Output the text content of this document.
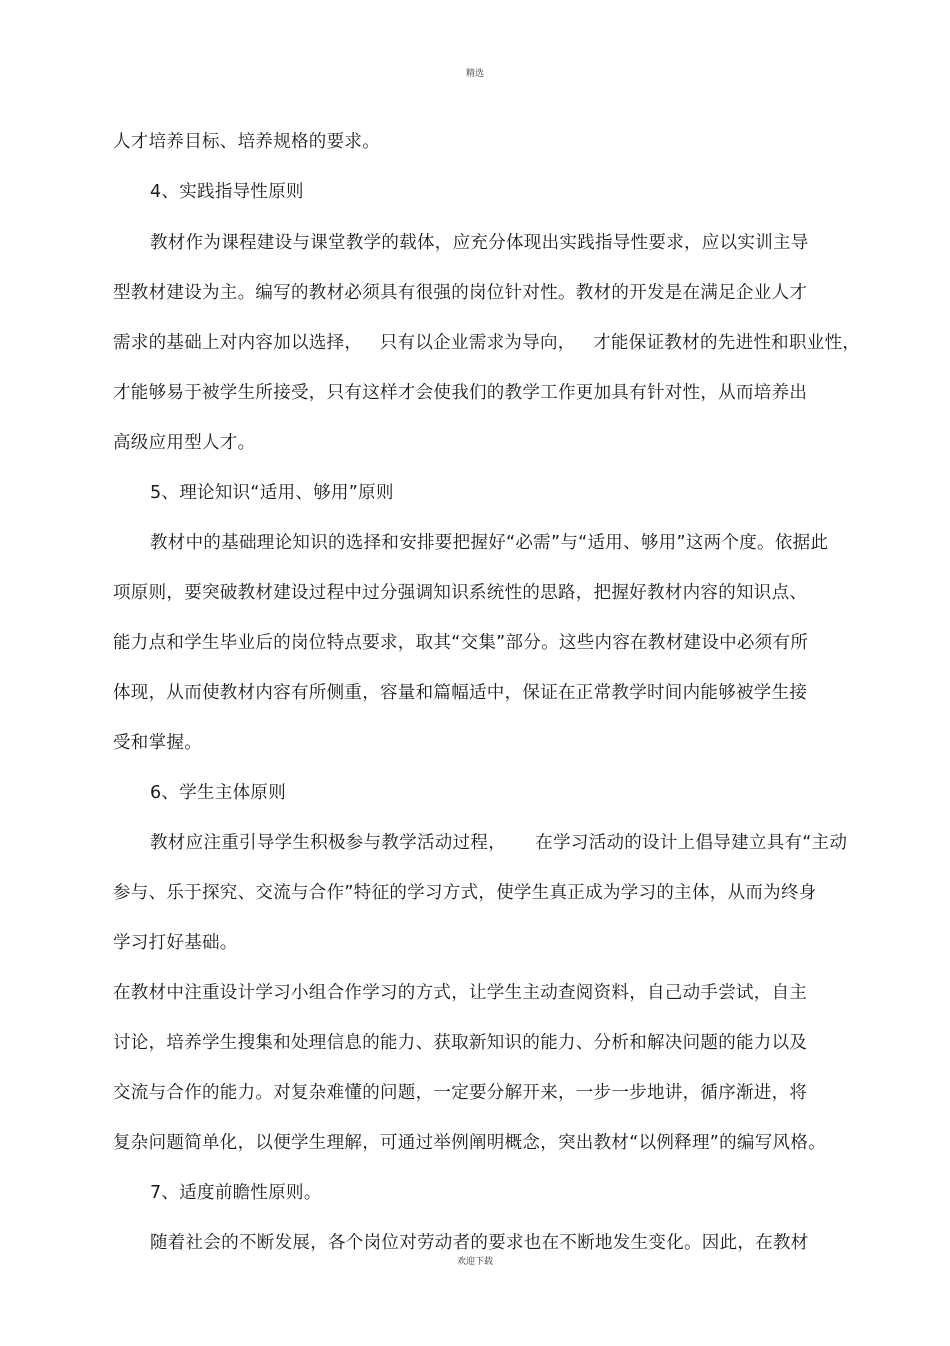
精选
人才培养目标、培养规格的要求。
4、实践指导性原则
教材作为课程建设与课堂教学的载体，应充分体现出实践指导性要求，应以实训主导
型教材建设为主。编写的教材必须具有很强的岗位针对性。教材的开发是在满足企业人才
需求的基础上对内容加以选择，   只有以企业需求为导向，   才能保证教材的先进性和职业性，
才能够易于被学生所接受，只有这样才会使我们的教学工作更加具有针对性，从而培养出
高级应用型人才。
5、理论知识“适用、够用”原则
教材中的基础理论知识的选择和安排要把握好“必需”与“适用、够用”这两个度。依据此
项原则，要突破教材建设过程中过分强调知识系统性的思路，把握好教材内容的知识点、
能力点和学生毕业后的岗位特点要求，取其“交集”部分。这些内容在教材建设中必须有所
体现，从而使教材内容有所侧重，容量和篇幅适中，保证在正常教学时间内能够被学生接
受和掌握。
6、学生主体原则
教材应注重引导学生积极参与教学活动过程，     在学习活动的设计上倡导建立具有“主动
参与、乐于探究、交流与合作”特征的学习方式，使学生真正成为学习的主体，从而为终身
学习打好基础。
在教材中注重设计学习小组合作学习的方式，让学生主动查阅资料，自己动手尝试，自主
讨论，培养学生搜集和处理信息的能力、获取新知识的能力、分析和解决问题的能力以及
交流与合作的能力。对复杂难懂的问题，一定要分解开来，一步一步地讲，循序渐进，将
复杂问题简单化，以便学生理解，可通过举例阐明概念，突出教材“以例释理”的编写风格。
7、适度前瞻性原则。
随着社会的不断发展，各个岗位对劳动者的要求也在不断地发生变化。因此，在教材
欢迎下载
